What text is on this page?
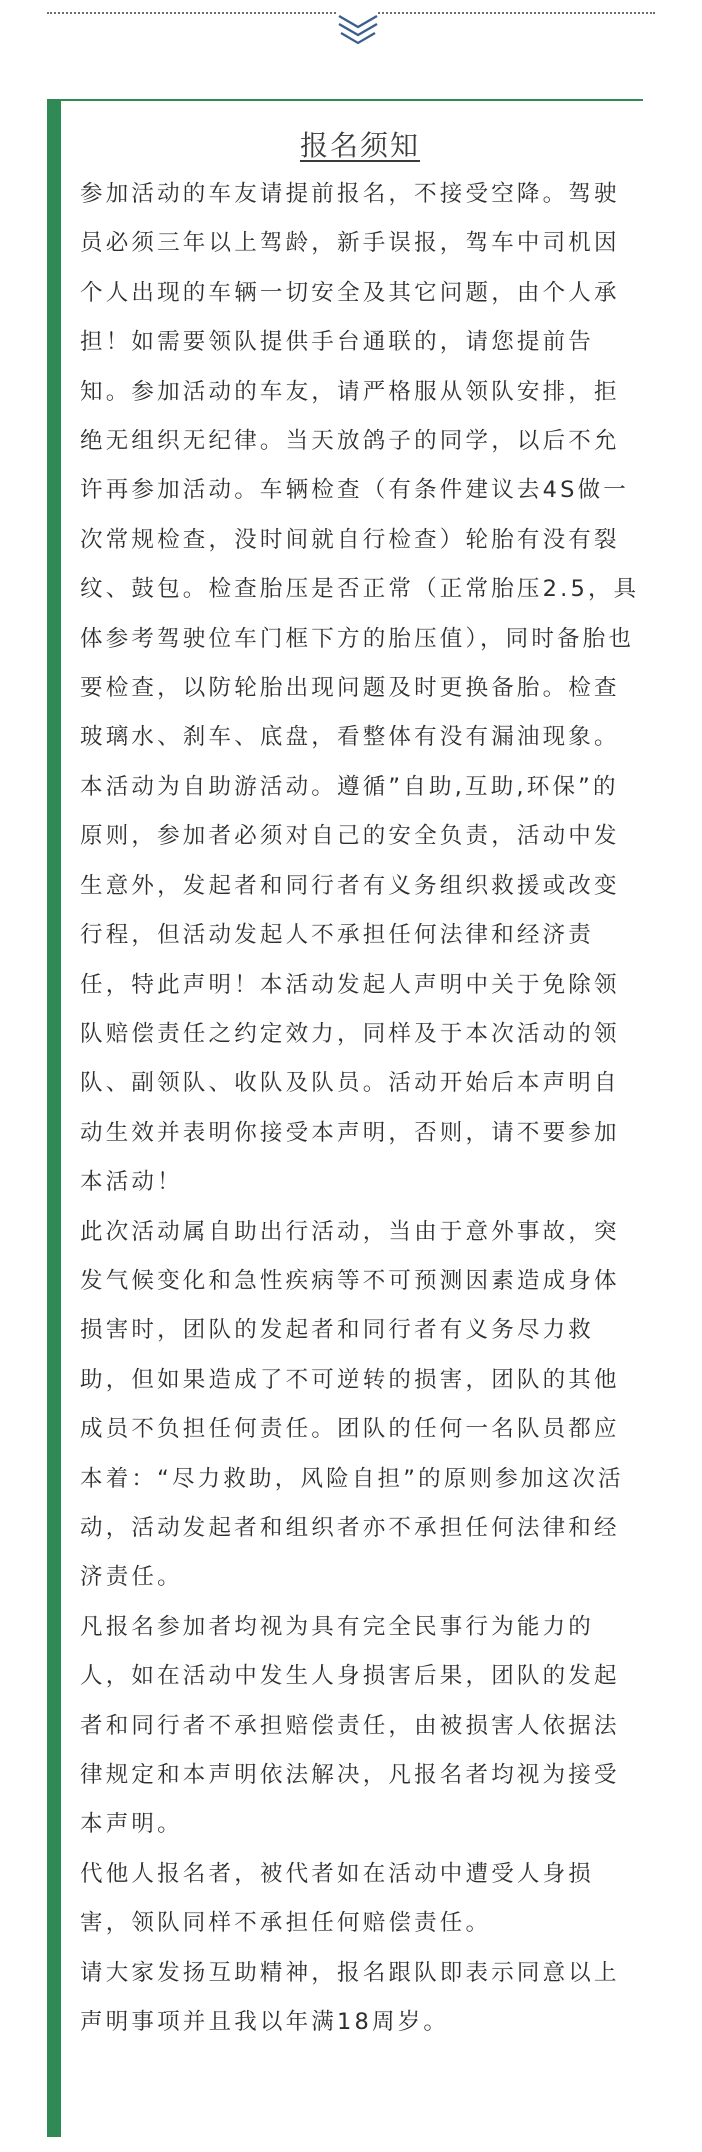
报名须知

参加活动的车友请提前报名，不接受空降。驾驶员必须三年以上驾龄，新手误报，驾车中司机因个人出现的车辆一切安全及其它问题，由个人承担！如需要领队提供手台通联的，请您提前告知。参加活动的车友，请严格服从领队安排，拒绝无组织无纪律。当天放鸽子的同学，以后不允许再参加活动。车辆检查（有条件建议去4S做一次常规检查，没时间就自行检查）轮胎有没有裂纹、鼓包。检查胎压是否正常（正常胎压2.5，具体参考驾驶位车门框下方的胎压值），同时备胎也要检查，以防轮胎出现问题及时更换备胎。检查玻璃水、刹车、底盘，看整体有没有漏油现象。

本活动为自助游活动。遵循”自助,互助,环保”的原则，参加者必须对自己的安全负责，活动中发生意外，发起者和同行者有义务组织救援或改变行程，但活动发起人不承担任何法律和经济责任，特此声明！本活动发起人声明中关于免除领队赔偿责任之约定效力，同样及于本次活动的领队、副领队、收队及队员。活动开始后本声明自动生效并表明你接受本声明，否则，请不要参加本活动！

此次活动属自助出行活动，当由于意外事故，突发气候变化和急性疾病等不可预测因素造成身体损害时，团队的发起者和同行者有义务尽力救助，但如果造成了不可逆转的损害，团队的其他成员不负担任何责任。团队的任何一名队员都应本着：“尽力救助，风险自担”的原则参加这次活动，活动发起者和组织者亦不承担任何法律和经济责任。

凡报名参加者均视为具有完全民事行为能力的人，如在活动中发生人身损害后果，团队的发起者和同行者不承担赔偿责任，由被损害人依据法律规定和本声明依法解决，凡报名者均视为接受本声明。

代他人报名者，被代者如在活动中遭受人身损害，领队同样不承担任何赔偿责任。

请大家发扬互助精神，报名跟队即表示同意以上声明事项并且我以年满18周岁。
